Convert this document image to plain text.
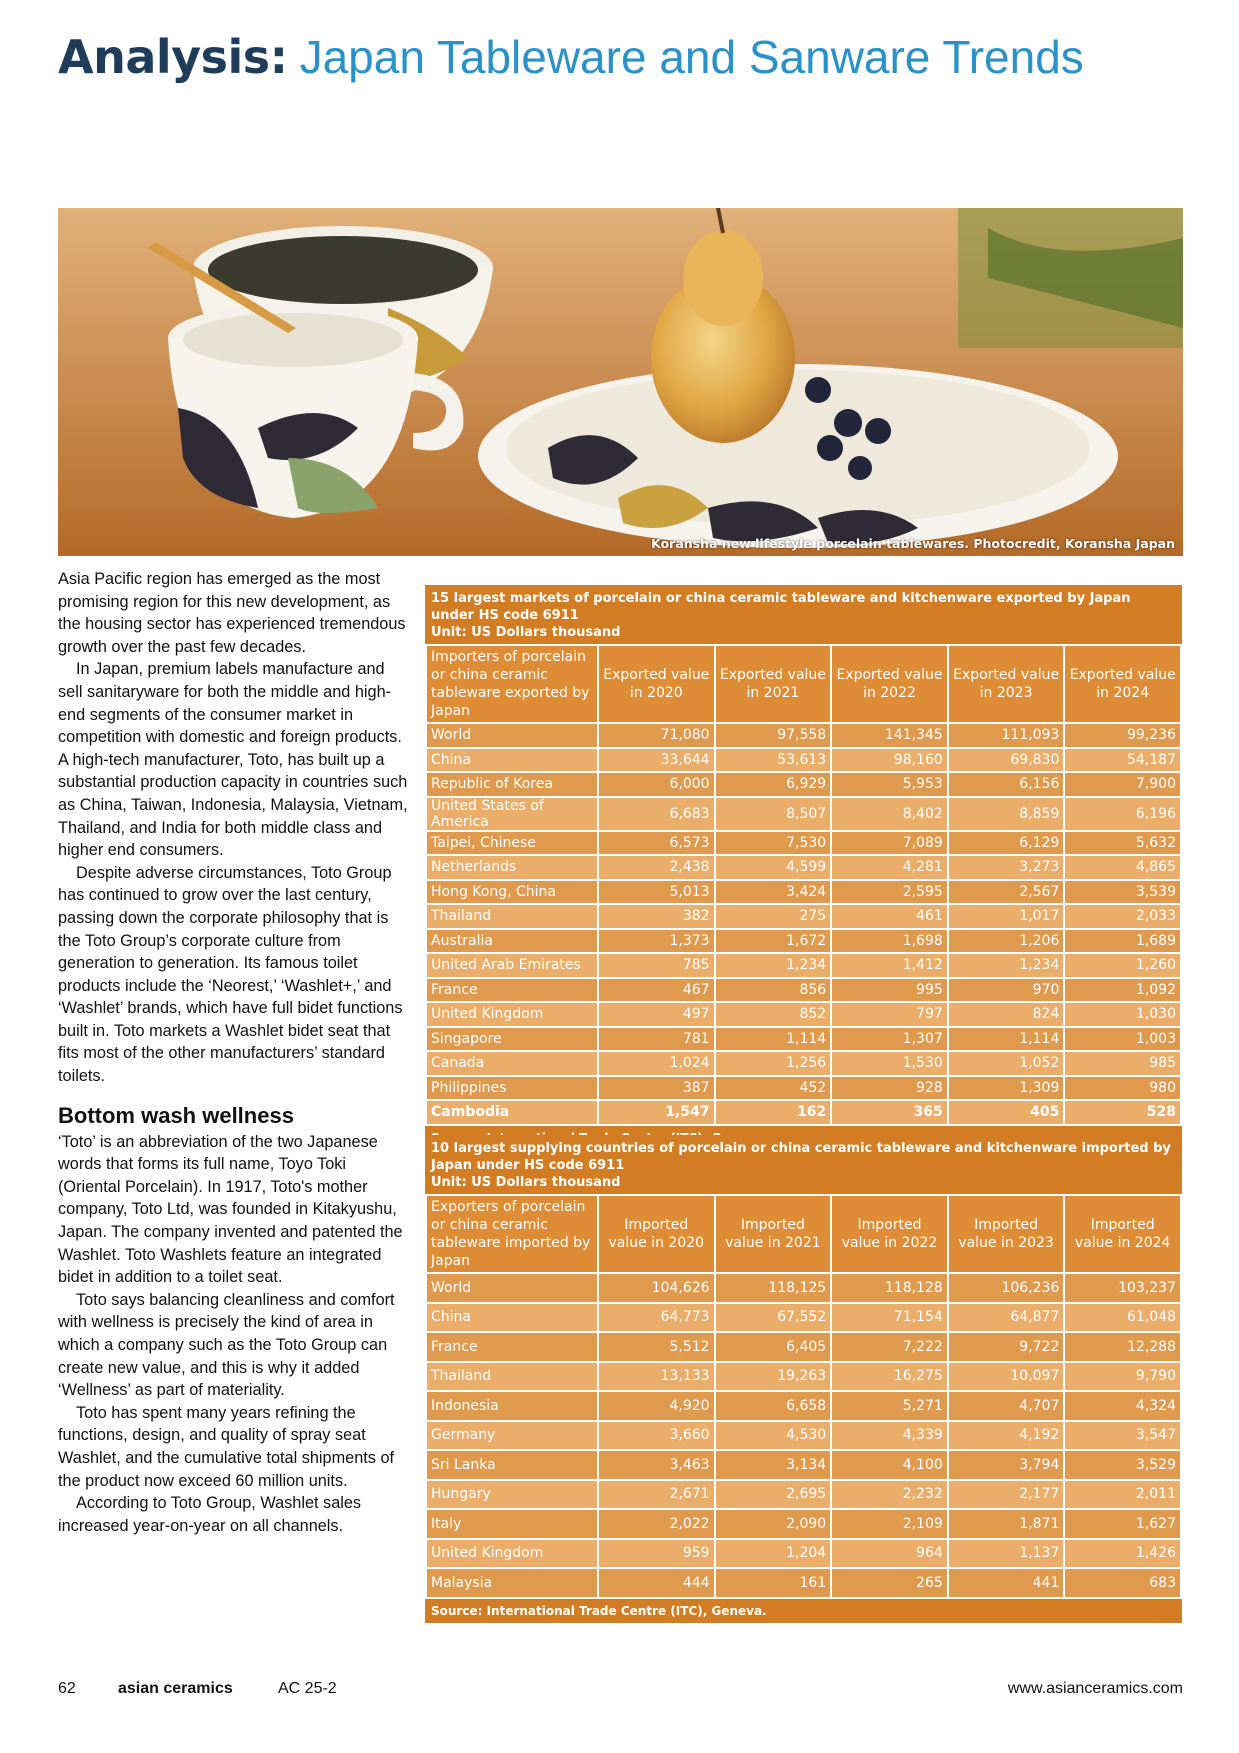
Analysis: Japan Tableware and Sanware Trends
Koransha new lifestyle porcelain tablewares. Photocredit, Koransha Japan

Asia Pacific region has emerged as the most promising region for this new development, as the housing sector has experienced tremendous growth over the past few decades.

In Japan, premium labels manufacture and sell sanitaryware for both the middle and high-end segments of the consumer market in competition with domestic and foreign products. A high-tech manufacturer, Toto, has built up a substantial production capacity in countries such as China, Taiwan, Indonesia, Malaysia, Vietnam, Thailand, and India for both middle class and higher end consumers.

Despite adverse circumstances, Toto Group has continued to grow over the last century, passing down the corporate philosophy that is the Toto Group’s corporate culture from generation to generation. Its famous toilet products include the ‘Neorest,’ ‘Washlet+,’ and ‘Washlet’ brands, which have full bidet functions built in. Toto markets a Washlet bidet seat that fits most of the other manufacturers’ standard toilets.

Bottom wash wellness

‘Toto’ is an abbreviation of the two Japanese words that forms its full name, Toyo Toki (Oriental Porcelain). In 1917, Toto's mother company, Toto Ltd, was founded in Kitakyushu, Japan. The company invented and patented the Washlet. Toto Washlets feature an integrated bidet in addition to a toilet seat.

Toto says balancing cleanliness and comfort with wellness is precisely the kind of area in which a company such as the Toto Group can create new value, and this is why it added ‘Wellness’ as part of materiality.

Toto has spent many years refining the functions, design, and quality of spray seat Washlet, and the cumulative total shipments of the product now exceed 60 million units.

According to Toto Group, Washlet sales increased year-on-year on all channels.

15 largest markets of porcelain or china ceramic tableware and kitchenware exported by Japan under HS code 6911
Unit: US Dollars thousand
Importers of porcelain or china ceramic tableware exported by Japan	Exported value in 2020	Exported value in 2021	Exported value in 2022	Exported value in 2023	Exported value in 2024
World	71,080	97,558	141,345	111,093	99,236
China	33,644	53,613	98,160	69,830	54,187
Republic of Korea	6,000	6,929	5,953	6,156	7,900
United States of America	6,683	8,507	8,402	8,859	6,196
Taipei, Chinese	6,573	7,530	7,089	6,129	5,632
Netherlands	2,438	4,599	4,281	3,273	4,865
Hong Kong, China	5,013	3,424	2,595	2,567	3,539
Thailand	382	275	461	1,017	2,033
Australia	1,373	1,672	1,698	1,206	1,689
United Arab Emirates	785	1,234	1,412	1,234	1,260
France	467	856	995	970	1,092
United Kingdom	497	852	797	824	1,030
Singapore	781	1,114	1,307	1,114	1,003
Canada	1,024	1,256	1,530	1,052	985
Philippines	387	452	928	1,309	980
Cambodia	1,547	162	365	405	528
10 largest supplying countries of porcelain or china ceramic tableware and kitchenware imported by Japan under HS code 6911
Unit: US Dollars thousand
Exporters of porcelain or china ceramic tableware imported by Japan	Imported value in 2020	Imported value in 2021	Imported value in 2022	Imported value in 2023	Imported value in 2024
World	104,626	118,125	118,128	106,236	103,237
China	64,773	67,552	71,154	64,877	61,048
France	5,512	6,405	7,222	9,722	12,288
Thailand	13,133	19,263	16,275	10,097	9,790
Indonesia	4,920	6,658	5,271	4,707	4,324
Germany	3,660	4,530	4,339	4,192	3,547
Sri Lanka	3,463	3,134	4,100	3,794	3,529
Hungary	2,671	2,695	2,232	2,177	2,011
Italy	2,022	2,090	2,109	1,871	1,627
United Kingdom	959	1,204	964	1,137	1,426
Malaysia	444	161	265	441	683
Source: International Trade Centre (ITC), Geneva.
62	asian ceramics	AC 25-2	www.asianceramics.com
